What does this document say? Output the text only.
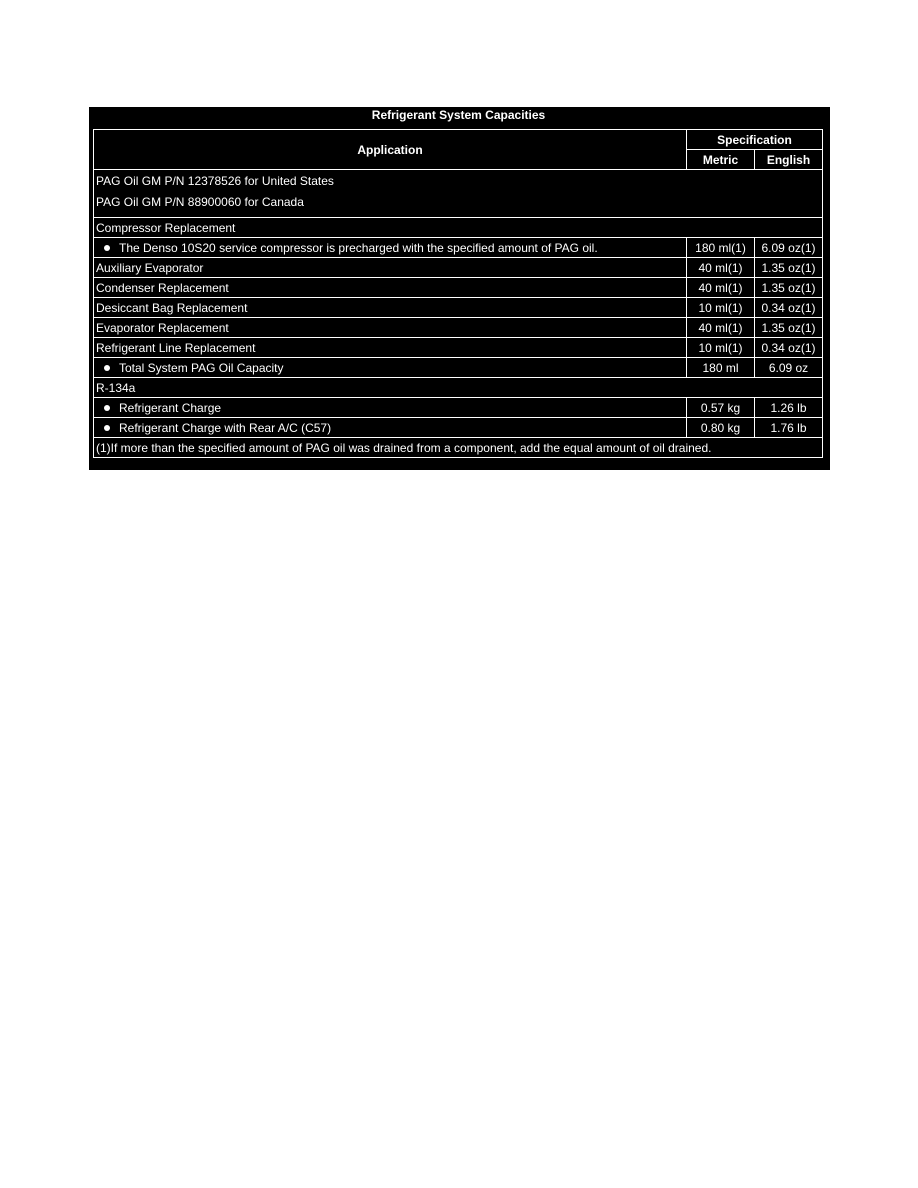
Refrigerant System Capacities
Application	Specification	
	Metric	English

PAG Oil GM P/N 12378526 for United States
PAG Oil GM P/N 88900060 for Canada		

Compressor Replacement		
The Denso 10S20 service compressor is precharged with the specified amount of PAG oil.	180 ml(1)	6.09 oz(1)
Auxiliary Evaporator	40 ml(1)	1.35 oz(1)
Condenser Replacement	40 ml(1)	1.35 oz(1)
Desiccant Bag Replacement	10 ml(1)	0.34 oz(1)
Evaporator Replacement	40 ml(1)	1.35 oz(1)
Refrigerant Line Replacement	10 ml(1)	0.34 oz(1)
Total System PAG Oil Capacity	180 ml	6.09 oz
R-134a		
Refrigerant Charge	0.57 kg	1.26 lb
Refrigerant Charge with Rear A/C (C57)	0.80 kg	1.76 lb
(1)If more than the specified amount of PAG oil was drained from a component, add the equal amount of oil drained.		
